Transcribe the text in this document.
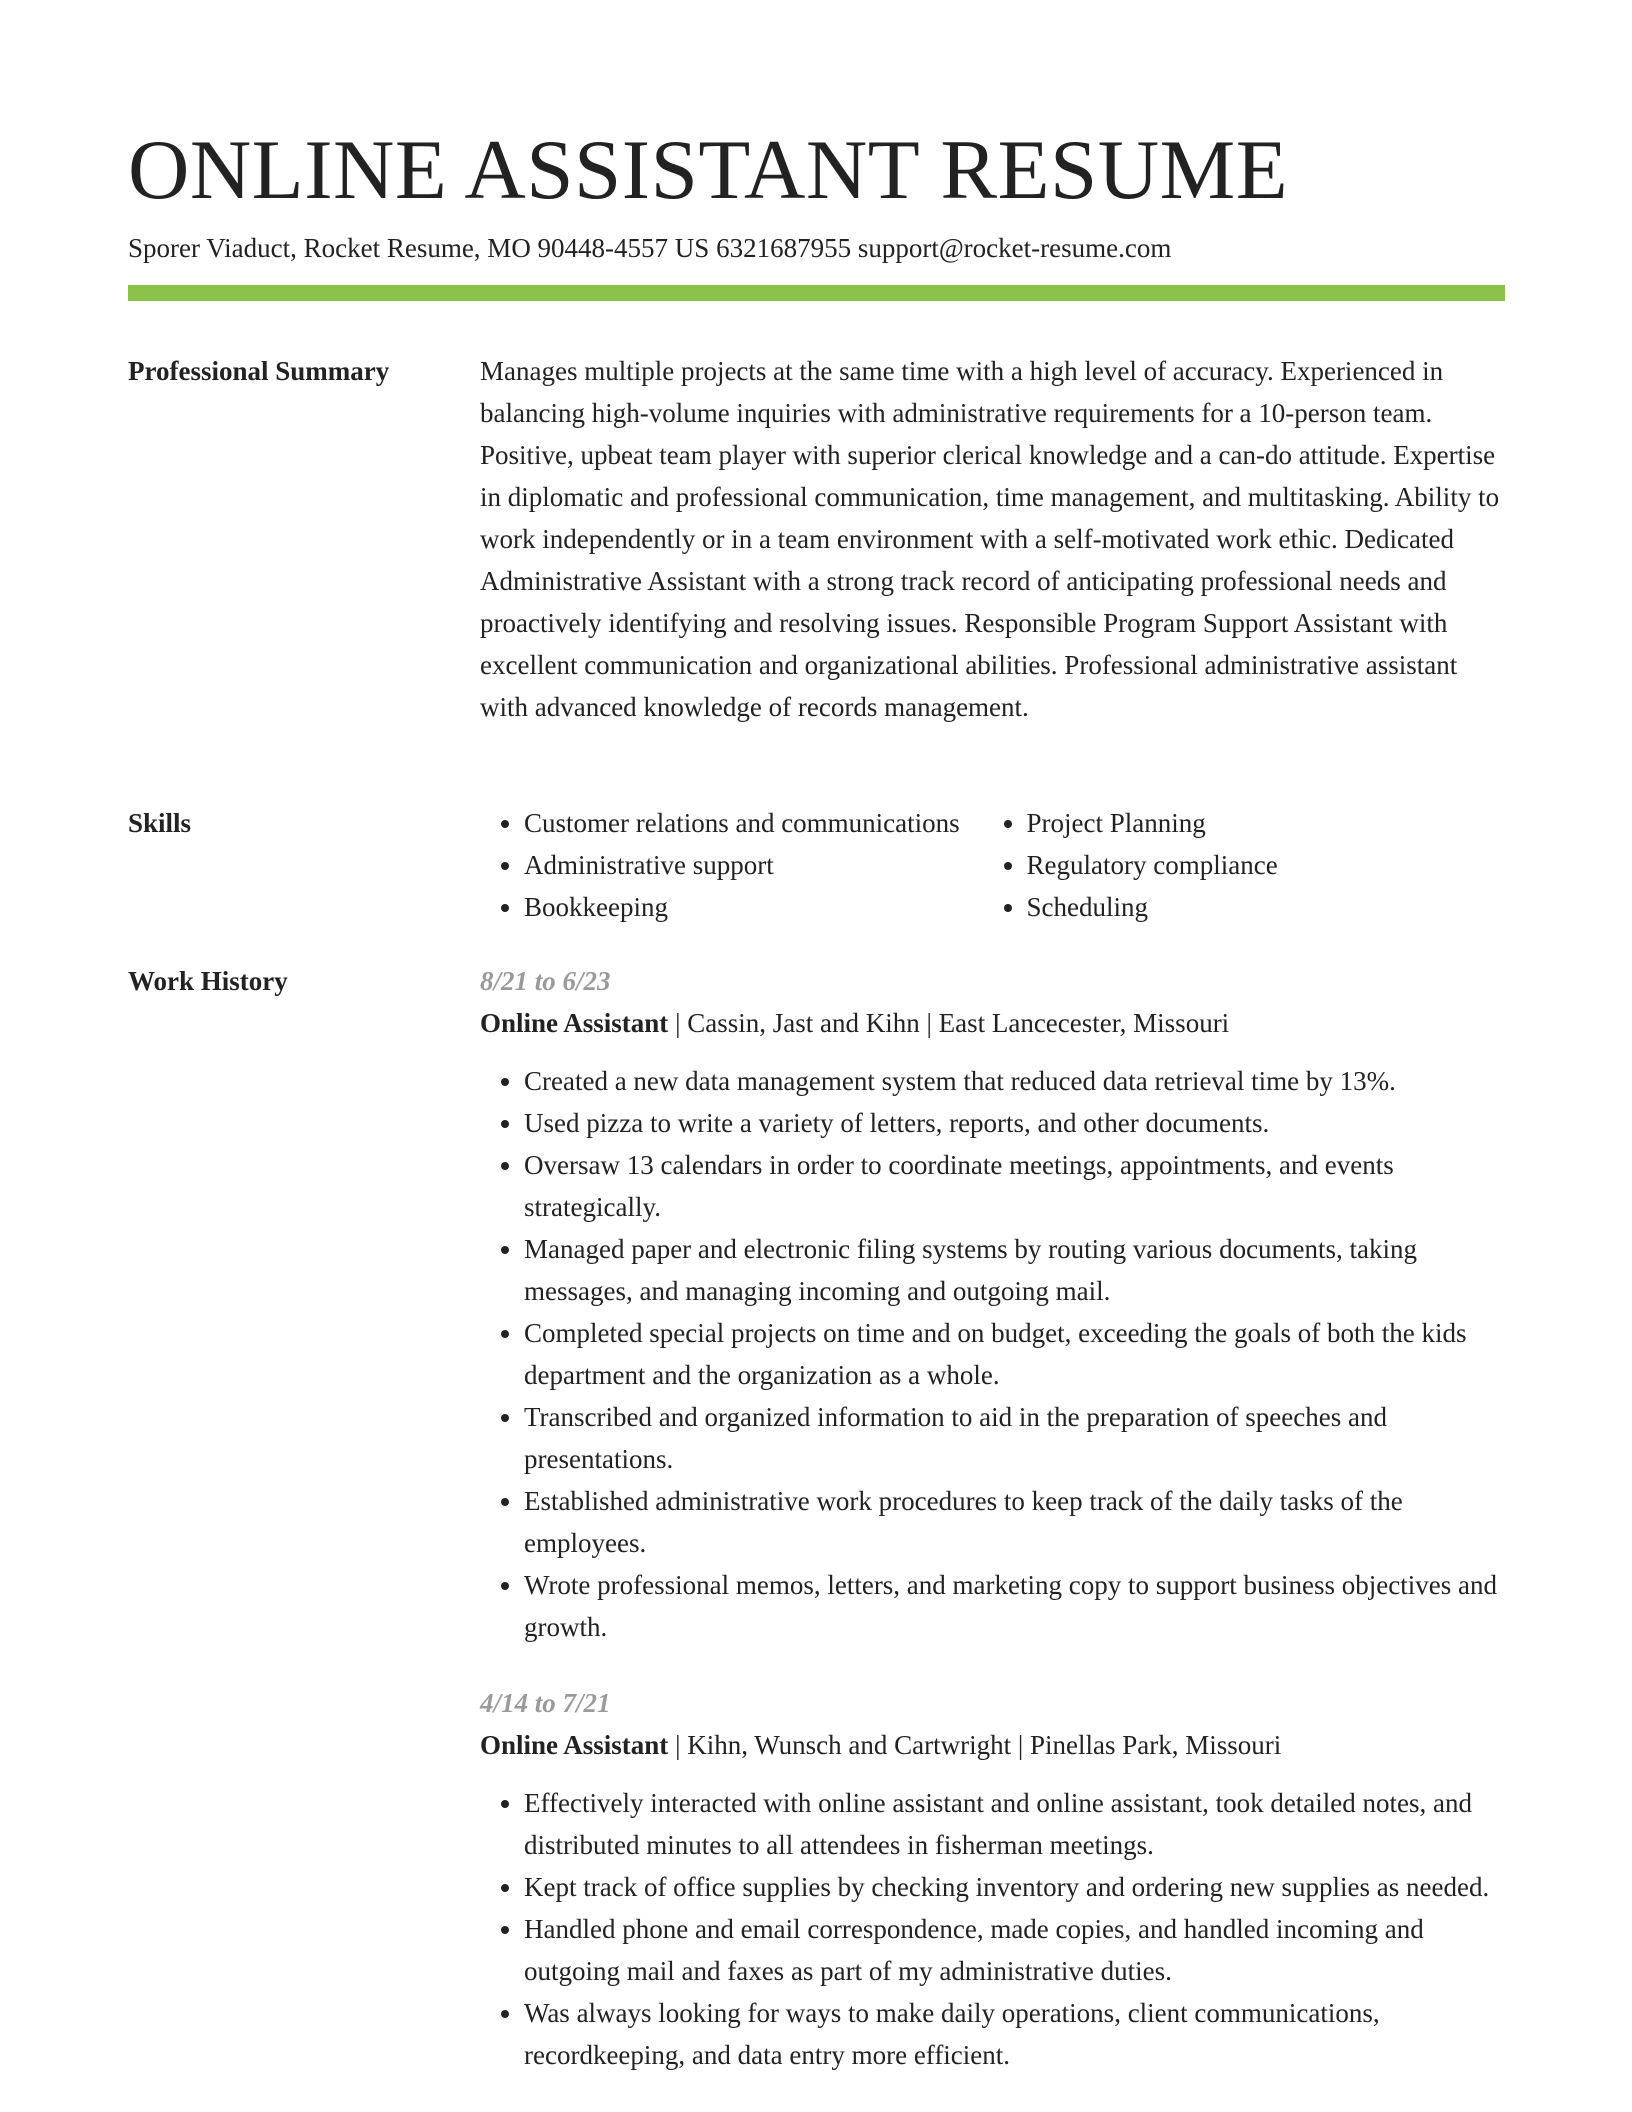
ONLINE ASSISTANT RESUME
Sporer Viaduct, Rocket Resume, MO 90448-4557 US 6321687955 support@rocket-resume.com
Professional Summary	Manages multiple projects at the same time with a high level of accuracy. Experienced in balancing high-volume inquiries with administrative requirements for a 10-person team. Positive, upbeat team player with superior clerical knowledge and a can-do attitude. Expertise in diplomatic and professional communication, time management, and multitasking. Ability to work independently or in a team environment with a self-motivated work ethic. Dedicated Administrative Assistant with a strong track record of anticipating professional needs and proactively identifying and resolving issues. Responsible Program Support Assistant with excellent communication and organizational abilities. Professional administrative assistant with advanced knowledge of records management.

Skills
•	Customer relations and communications
• Administrative support
• Bookkeeping
• Project Planning
• Regulatory compliance
• Scheduling
Work History	8/21 to 6/23
Online Assistant | Cassin, Jast and Kihn | East Lancecester, Missouri
• Created a new data management system that reduced data retrieval time by 13%.
• Used pizza to write a variety of letters, reports, and other documents.
• Oversaw 13 calendars in order to coordinate meetings, appointments, and events strategically.
• Managed paper and electronic filing systems by routing various documents, taking messages, and managing incoming and outgoing mail.
• Completed special projects on time and on budget, exceeding the goals of both the kids department and the organization as a whole.
• Transcribed and organized information to aid in the preparation of speeches and presentations.
• Established administrative work procedures to keep track of the daily tasks of the employees.
• Wrote professional memos, letters, and marketing copy to support business objectives and growth.
4/14 to 7/21
Online Assistant | Kihn, Wunsch and Cartwright | Pinellas Park, Missouri
• Effectively interacted with online assistant and online assistant, took detailed notes, and distributed minutes to all attendees in fisherman meetings.
• Kept track of office supplies by checking inventory and ordering new supplies as needed.
• Handled phone and email correspondence, made copies, and handled incoming and outgoing mail and faxes as part of my administrative duties.
• Was always looking for ways to make daily operations, client communications, recordkeeping, and data entry more efficient.
